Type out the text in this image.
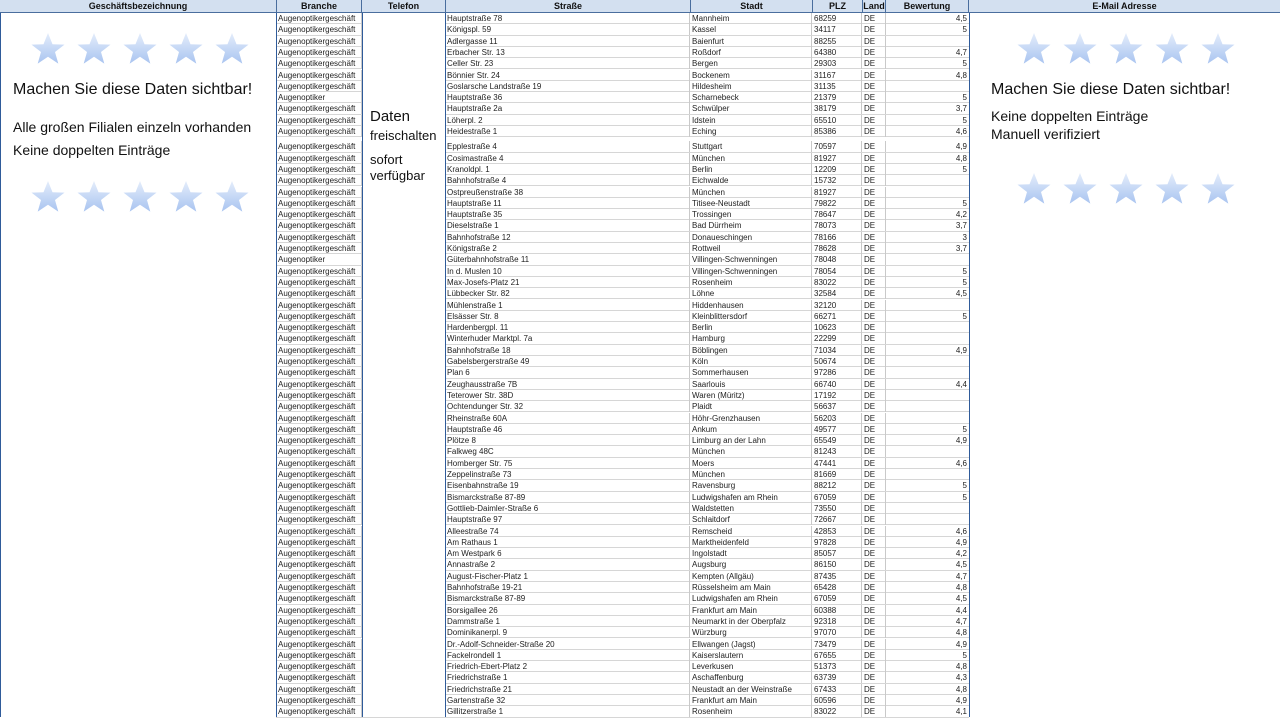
Geschäftsbezeichnung	Branche	Telefon	Straße	Stadt	PLZ	Land	Bewertung	E-Mail Adresse
Augenoptikergeschäft	Hauptstraße 78	Mannheim	68259	DE	4,5
Augenoptikergeschäft	Königspl. 59	Kassel	34117	DE	5
Augenoptikergeschäft	Adlergasse 11	Baienfurt	88255	DE
Augenoptikergeschäft	Erbacher Str. 13	Roßdorf	64380	DE	4,7
Augenoptikergeschäft	Celler Str. 23	Bergen	29303	DE	5
Augenoptikergeschäft	Bönnier Str. 24	Bockenem	31167	DE	4,8
Augenoptikergeschäft	Goslarsche Landstraße 19	Hildesheim	31135	DE
Augenoptiker	Hauptstraße 36	Scharnebeck	21379	DE	5
Augenoptikergeschäft	Hauptstraße 2a	Schwülper	38179	DE	3,7
Augenoptikergeschäft	Löherpl. 2	Idstein	65510	DE	5
Augenoptikergeschäft	Heidestraße 1	Eching	85386	DE	4,6
Augenoptikergeschäft	Epplestraße 4	Stuttgart	70597	DE	4,9
Augenoptikergeschäft	Cosimastraße 4	München	81927	DE	4,8
Augenoptikergeschäft	Kranoldpl. 1	Berlin	12209	DE	5
Augenoptikergeschäft	Bahnhofstraße 4	Eichwalde	15732	DE
Augenoptikergeschäft	Ostpreußenstraße 38	München	81927	DE
Augenoptikergeschäft	Hauptstraße 11	Titisee-Neustadt	79822	DE	5
Augenoptikergeschäft	Hauptstraße 35	Trossingen	78647	DE	4,2
Augenoptikergeschäft	Dieselstraße 1	Bad Dürrheim	78073	DE	3,7
Augenoptikergeschäft	Bahnhofstraße 12	Donaueschingen	78166	DE	3
Augenoptikergeschäft	Königstraße 2	Rottweil	78628	DE	3,7
Augenoptiker	Güterbahnhofstraße 11	Villingen-Schwenningen	78048	DE
Augenoptikergeschäft	In d. Muslen 10	Villingen-Schwenningen	78054	DE	5
Augenoptikergeschäft	Max-Josefs-Platz 21	Rosenheim	83022	DE	5
Augenoptikergeschäft	Lübbecker Str. 82	Löhne	32584	DE	4,5
Augenoptikergeschäft	Mühlenstraße 1	Hiddenhausen	32120	DE
Augenoptikergeschäft	Elsässer Str. 8	Kleinblittersdorf	66271	DE	5
Augenoptikergeschäft	Hardenbergpl. 11	Berlin	10623	DE
Augenoptikergeschäft	Winterhuder Marktpl. 7a	Hamburg	22299	DE
Augenoptikergeschäft	Bahnhofstraße 18	Böblingen	71034	DE	4,9
Augenoptikergeschäft	Gabelsbergerstraße 49	Köln	50674	DE
Augenoptikergeschäft	Plan 6	Sommerhausen	97286	DE
Augenoptikergeschäft	Zeughausstraße 7B	Saarlouis	66740	DE	4,4
Augenoptikergeschäft	Teterower Str. 38D	Waren (Müritz)	17192	DE
Augenoptikergeschäft	Ochtendunger Str. 32	Plaidt	56637	DE
Augenoptikergeschäft	Rheinstraße 60A	Höhr-Grenzhausen	56203	DE
Augenoptikergeschäft	Hauptstraße 46	Ankum	49577	DE	5
Augenoptikergeschäft	Plötze 8	Limburg an der Lahn	65549	DE	4,9
Augenoptikergeschäft	Falkweg 48C	München	81243	DE
Augenoptikergeschäft	Homberger Str. 75	Moers	47441	DE	4,6
Augenoptikergeschäft	Zeppelinstraße 73	München	81669	DE
Augenoptikergeschäft	Eisenbahnstraße 19	Ravensburg	88212	DE	5
Augenoptikergeschäft	Bismarckstraße 87-89	Ludwigshafen am Rhein	67059	DE	5
Augenoptikergeschäft	Gottlieb-Daimler-Straße 6	Waldstetten	73550	DE
Augenoptikergeschäft	Hauptstraße 97	Schlaitdorf	72667	DE
Augenoptikergeschäft	Alleestraße 74	Remscheid	42853	DE	4,6
Augenoptikergeschäft	Am Rathaus 1	Marktheidenfeld	97828	DE	4,9
Augenoptikergeschäft	Am Westpark 6	Ingolstadt	85057	DE	4,2
Augenoptikergeschäft	Annastraße 2	Augsburg	86150	DE	4,5
Augenoptikergeschäft	August-Fischer-Platz 1	Kempten (Allgäu)	87435	DE	4,7
Augenoptikergeschäft	Bahnhofstraße 19-21	Rüsselsheim am Main	65428	DE	4,8
Augenoptikergeschäft	Bismarckstraße 87-89	Ludwigshafen am Rhein	67059	DE	4,5
Augenoptikergeschäft	Borsigallee 26	Frankfurt am Main	60388	DE	4,4
Augenoptikergeschäft	Dammstraße 1	Neumarkt in der Oberpfalz	92318	DE	4,7
Augenoptikergeschäft	Dominikanerpl. 9	Würzburg	97070	DE	4,8
Augenoptikergeschäft	Dr.-Adolf-Schneider-Straße 20	Ellwangen (Jagst)	73479	DE	4,9
Augenoptikergeschäft	Fackelrondell 1	Kaiserslautern	67655	DE	5
Augenoptikergeschäft	Friedrich-Ebert-Platz 2	Leverkusen	51373	DE	4,8
Augenoptikergeschäft	Friedrichstraße 1	Aschaffenburg	63739	DE	4,3
Augenoptikergeschäft	Friedrichstraße 21	Neustadt an der Weinstraße	67433	DE	4,8
Augenoptikergeschäft	Gartenstraße 32	Frankfurt am Main	60596	DE	4,9
Augenoptikergeschäft	Gillitzerstraße 1	Rosenheim	83022	DE	4,1
Machen Sie diese Daten sichtbar!
Alle großen Filialen einzeln vorhanden
Keine doppelten Einträge
Daten
freischalten
sofort
verfügbar
Machen Sie diese Daten sichtbar!
Keine doppelten Einträge
Manuell verifiziert
